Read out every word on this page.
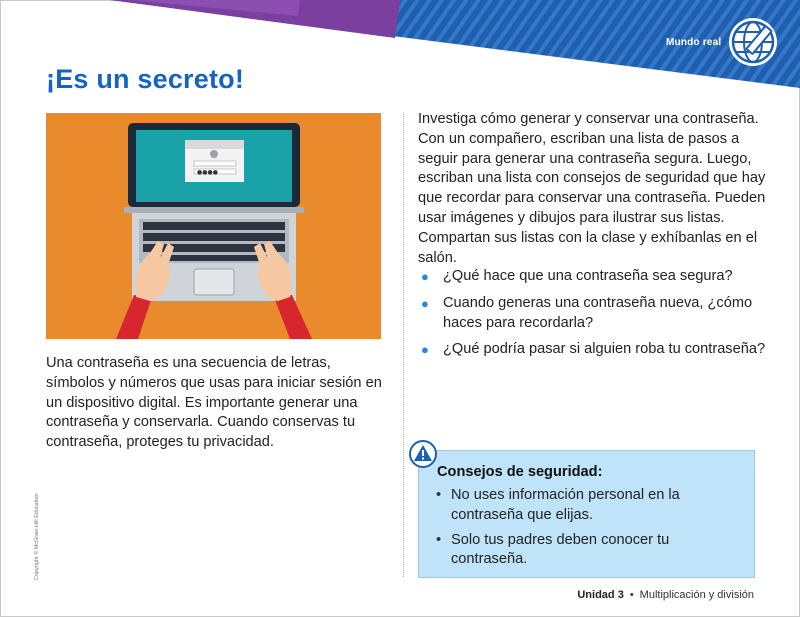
Mundo real
¡Es un secreto!
●●●●

Una contraseña es una secuencia de letras, símbolos y números que usas para iniciar sesión en un dispositivo digital. Es importante generar una contraseña y conservarla. Cuando conservas tu contraseña, proteges tu privacidad.

Investiga cómo generar y conservar una contraseña. Con un compañero, escriban una lista de pasos a seguir para generar una contraseña segura. Luego, escriban una lista con consejos de seguridad que hay que recordar para conservar una contraseña. Pueden usar imágenes y dibujos para ilustrar sus listas. Compartan sus listas con la clase y exhíbanlas en el salón.

● ¿Qué hace que una contraseña sea segura?
● Cuando generas una contraseña nueva, ¿cómo haces para recordarla?
● ¿Qué podría pasar si alguien roba tu contraseña?

Consejos de seguridad:

• No uses información personal en la contraseña que elijas.
• Solo tus padres deben conocer tu contraseña.
Copyright © McGraw-Hill Education
Unidad 3 • Multiplicación y división
